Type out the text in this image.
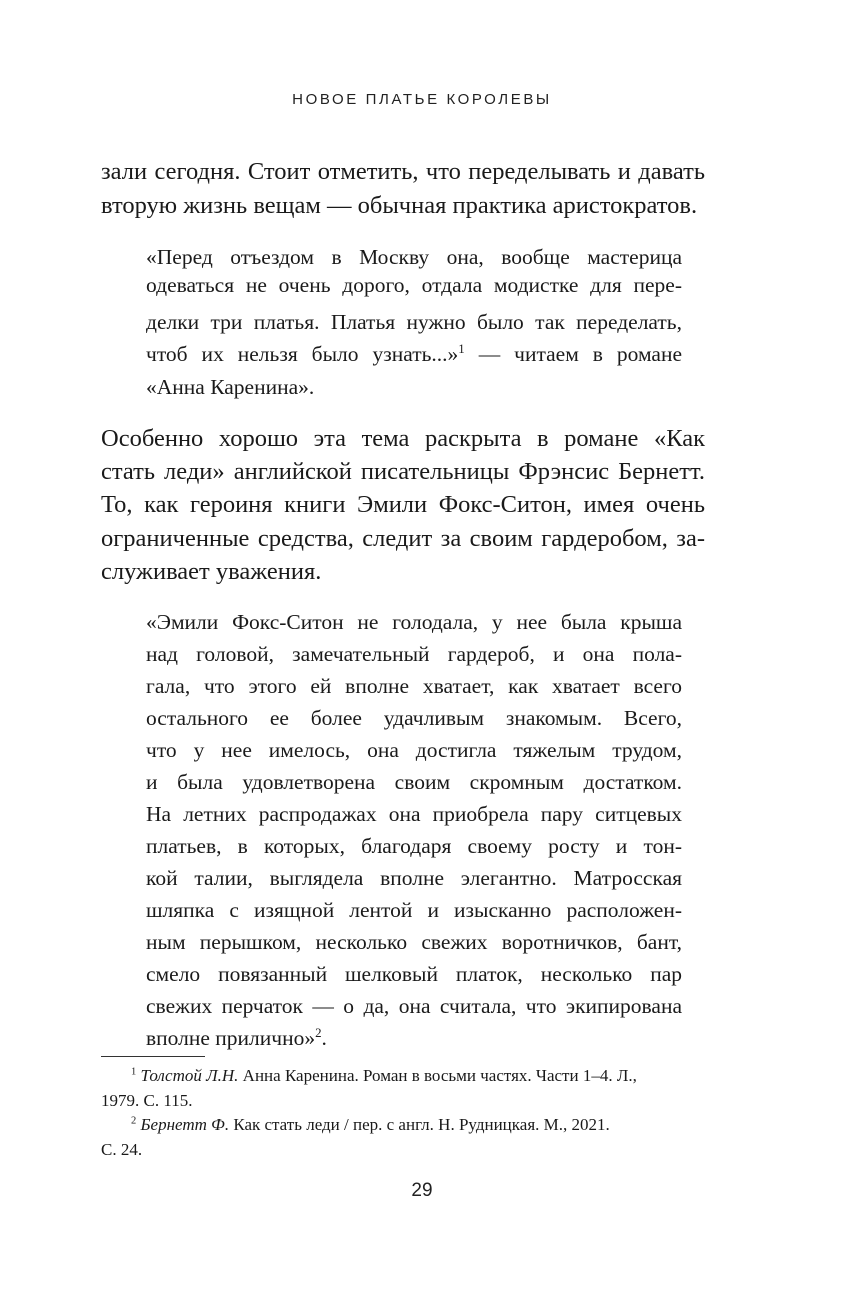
НОВОЕ ПЛАТЬЕ КОРОЛЕВЫ
зали сегодня. Стоит отметить, что переделывать и давать
вторую жизнь вещам — обычная практика аристократов.
«Перед отъездом в Москву она, вообще мастерица
одеваться не очень дорого, отдала модистке для пере-
делки три платья. Платья нужно было так переделать,
чтоб их нельзя было узнать...»$^1$ — читаем в романе
«Анна Каренина».
Особенно хорошо эта тема раскрыта в романе «Как
стать леди» английской писательницы Фрэнсис Бернетт.
То, как героиня книги Эмили Фокс-Ситон, имея очень
ограниченные средства, следит за своим гардеробом, за-
служивает уважения.
«Эмили Фокс-Ситон не голодала, у нее была крыша
над головой, замечательный гардероб, и она пола-
гала, что этого ей вполне хватает, как хватает всего
остального ее более удачливым знакомым. Всего,
что у нее имелось, она достигла тяжелым трудом,
и была удовлетворена своим скромным достатком.
На летних распродажах она приобрела пару ситцевых
платьев, в которых, благодаря своему росту и тон-
кой талии, выглядела вполне элегантно. Матросская
шляпка с изящной лентой и изысканно расположен-
ным перышком, несколько свежих воротничков, бант,
смело повязанный шелковый платок, несколько пар
свежих перчаток — о да, она считала, что экипирована
вполне прилично»$^2$.
$^1$ Толстой Л.Н. Анна Каренина. Роман в восьми частях. Части 1–4. Л.,
1979. С. 115.
$^2$ Бернетт Ф. Как стать леди / пер. с англ. Н. Рудницкая. М., 2021.
С. 24.
29
